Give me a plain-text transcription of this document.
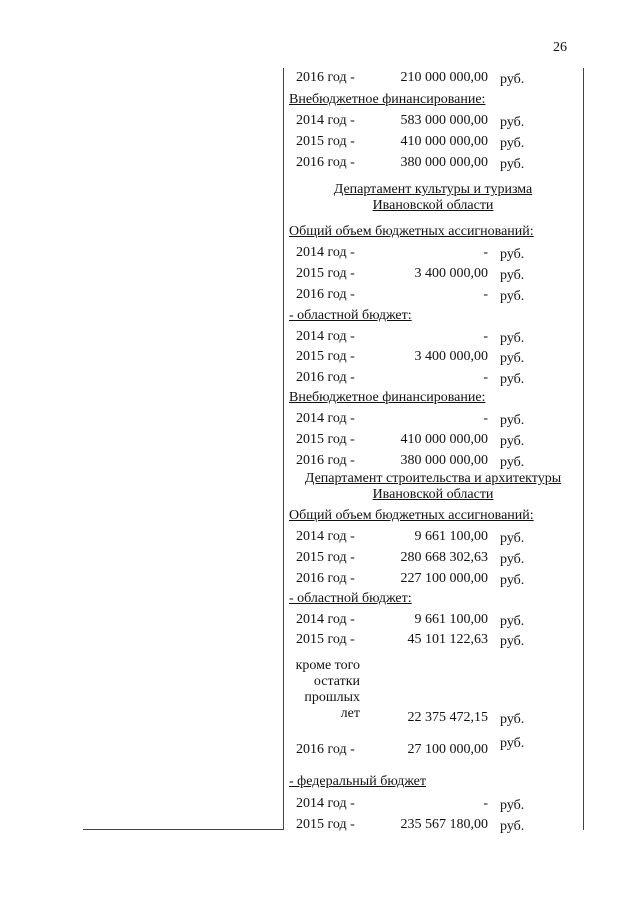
26
2016 год -	210 000 000,00 руб.
Внебюджетное финансирование:
2014 год -	583 000 000,00 руб.
2015 год -	410 000 000,00 руб.
2016 год -	380 000 000,00 руб.
Департамент культуры и туризма
Ивановской области
Общий объем бюджетных ассигнований:
2014 год -	- руб.
2015 год -	3 400 000,00 руб.
2016 год -	- руб.
- областной бюджет:
2014 год -	- руб.
2015 год -	3 400 000,00 руб.
2016 год -	- руб.
Внебюджетное финансирование:
2014 год -	- руб.
2015 год -	410 000 000,00 руб.
2016 год -	380 000 000,00 руб.
Департамент строительства и архитектуры
Ивановской области
Общий объем бюджетных ассигнований:
2014 год -	9 661 100,00 руб.
2015 год -	280 668 302,63 руб.
2016 год -	227 100 000,00 руб.
- областной бюджет:
2014 год -	9 661 100,00 руб.
2015 год -	45 101 122,63 руб.
кроме того
остатки
прошлых
лет	22 375 472,15 руб.
2016 год -	27 100 000,00 руб.
- федеральный бюджет
2014 год -	- руб.
2015 год -	235 567 180,00 руб.
